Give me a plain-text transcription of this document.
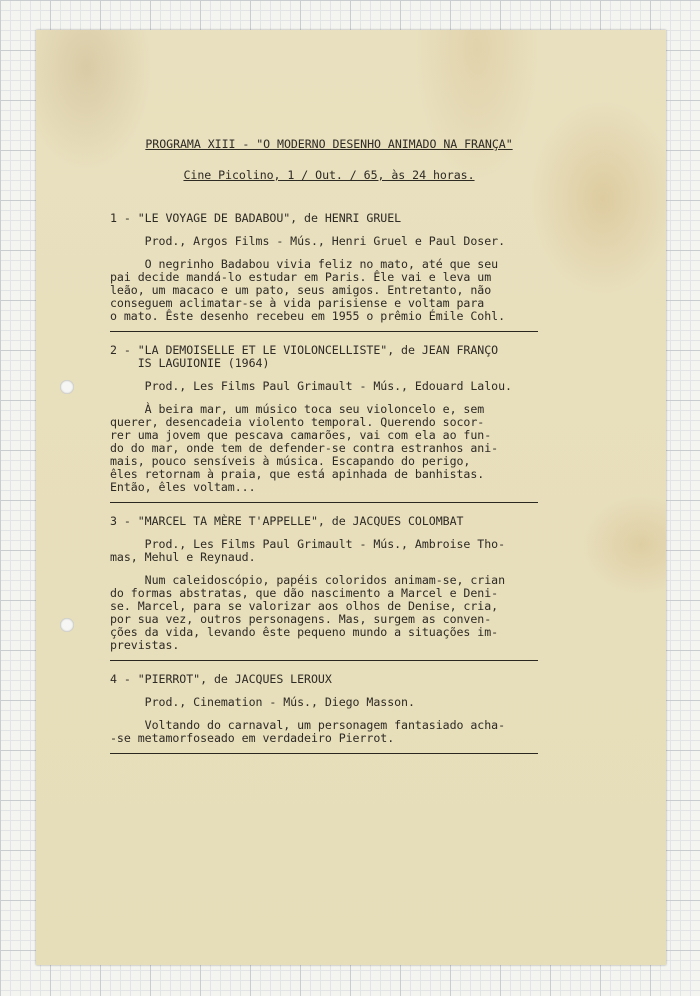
PROGRAMA XIII - "O MODERNO DESENHO ANIMADO NA FRANÇA"
Cine Picolino, 1 / Out. / 65, às 24 horas.
1 - "LE VOYAGE DE BADABOU", de HENRI GRUEL
Prod., Argos Films - Mús., Henri Gruel e Paul Doser.
O negrinho Badabou vivia feliz no mato, até que seu
pai decide mandá-lo estudar em Paris. Êle vai e leva um
leão, um macaco e um pato, seus amigos. Entretanto, não
conseguem aclimatar-se à vida parisiense e voltam para
o mato. Êste desenho recebeu em 1955 o prêmio Émile Cohl.
2 - "LA DEMOISELLE ET LE VIOLONCELLISTE", de JEAN FRANÇO
IS LAGUIONIE (1964)
Prod., Les Films Paul Grimault - Mús., Edouard Lalou.
À beira mar, um músico toca seu violoncelo e, sem
querer, desencadeia violento temporal. Querendo socor-
rer uma jovem que pescava camarões, vai com ela ao fun-
do do mar, onde tem de defender-se contra estranhos ani-
mais, pouco sensíveis à música. Escapando do perigo,
êles retornam à praia, que está apinhada de banhistas.
Então, êles voltam...
3 - "MARCEL TA MÈRE T'APPELLE", de JACQUES COLOMBAT
Prod., Les Films Paul Grimault - Mús., Ambroise Tho-
mas, Mehul e Reynaud.
Num caleidoscópio, papéis coloridos animam-se, crian
do formas abstratas, que dão nascimento a Marcel e Deni-
se. Marcel, para se valorizar aos olhos de Denise, cria,
por sua vez, outros personagens. Mas, surgem as conven-
ções da vida, levando êste pequeno mundo a situações im-
previstas.
4 - "PIERROT", de JACQUES LEROUX
Prod., Cinemation - Mús., Diego Masson.
Voltando do carnaval, um personagem fantasiado acha-
-se metamorfoseado em verdadeiro Pierrot.
